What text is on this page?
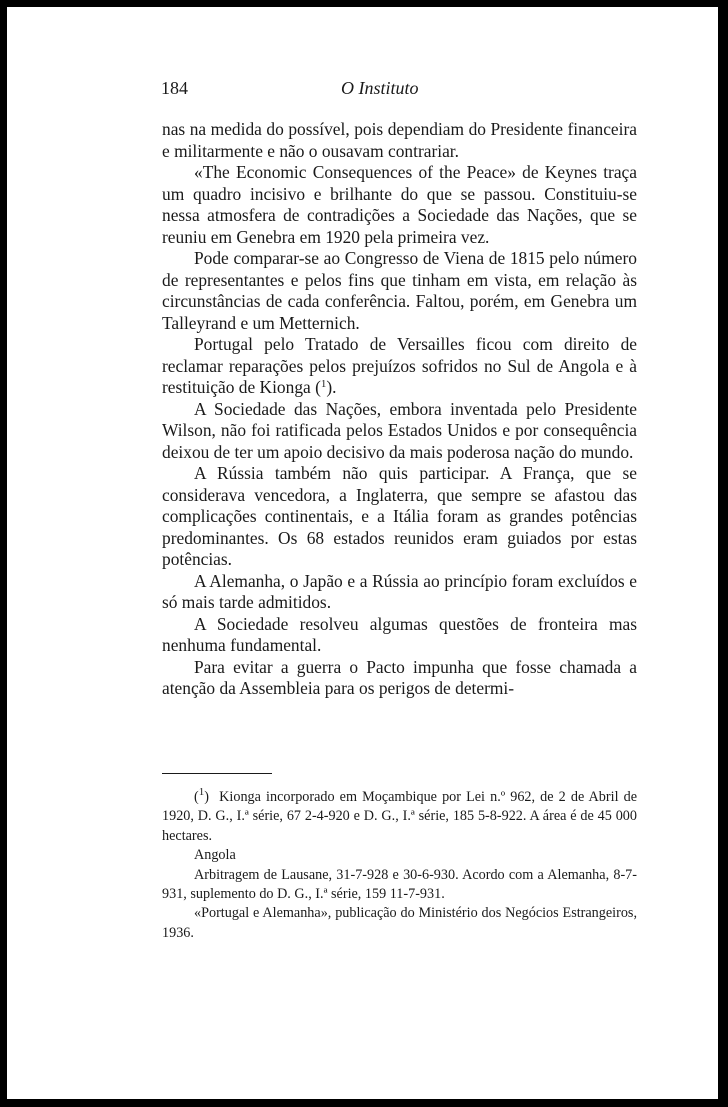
184	O Instituto

nas na medida do possível, pois dependiam do Presidente financeira e militarmente e não o ousavam contrariar.

«The Economic Consequences of the Peace» de Keynes traça um quadro incisivo e brilhante do que se passou. Constituiu-se nessa atmosfera de contradições a Sociedade das Nações, que se reuniu em Genebra em 1920 pela primeira vez.

Pode comparar-se ao Congresso de Viena de 1815 pelo número de representantes e pelos fins que tinham em vista, em relação às circunstâncias de cada conferência. Faltou, porém, em Genebra um Talleyrand e um Metternich.

Portugal pelo Tratado de Versailles ficou com direito de reclamar reparações pelos prejuízos sofridos no Sul de Angola e à restituição de Kionga ($^1$).

A Sociedade das Nações, embora inventada pelo Presidente Wilson, não foi ratificada pelos Estados Unidos e por consequência deixou de ter um apoio decisivo da mais poderosa nação do mundo.

A Rússia também não quis participar. A França, que se considerava vencedora, a Inglaterra, que sempre se afastou das complicações continentais, e a Itália foram as grandes potências predominantes. Os 68 estados reunidos eram guiados por estas potências.

A Alemanha, o Japão e a Rússia ao princípio foram excluídos e só mais tarde admitidos.

A Sociedade resolveu algumas questões de fronteira mas nenhuma fundamental.

Para evitar a guerra o Pacto impunha que fosse chamada a atenção da Assembleia para os perigos de determi-

($^1$)  Kionga incorporado em Moçambique por Lei n.º 962, de 2 de Abril de 1920, D. G., I.ª série, 67 2-4-920 e D. G., I.ª série, 185 5-8-922. A área é de 45 000 hectares.

Angola

Arbitragem de Lausane, 31-7-928 e 30-6-930. Acordo com a Alemanha, 8-7-931, suplemento do D. G., I.ª série, 159 11-7-931.

«Portugal e Alemanha», publicação do Ministério dos Negócios Estrangeiros, 1936.
